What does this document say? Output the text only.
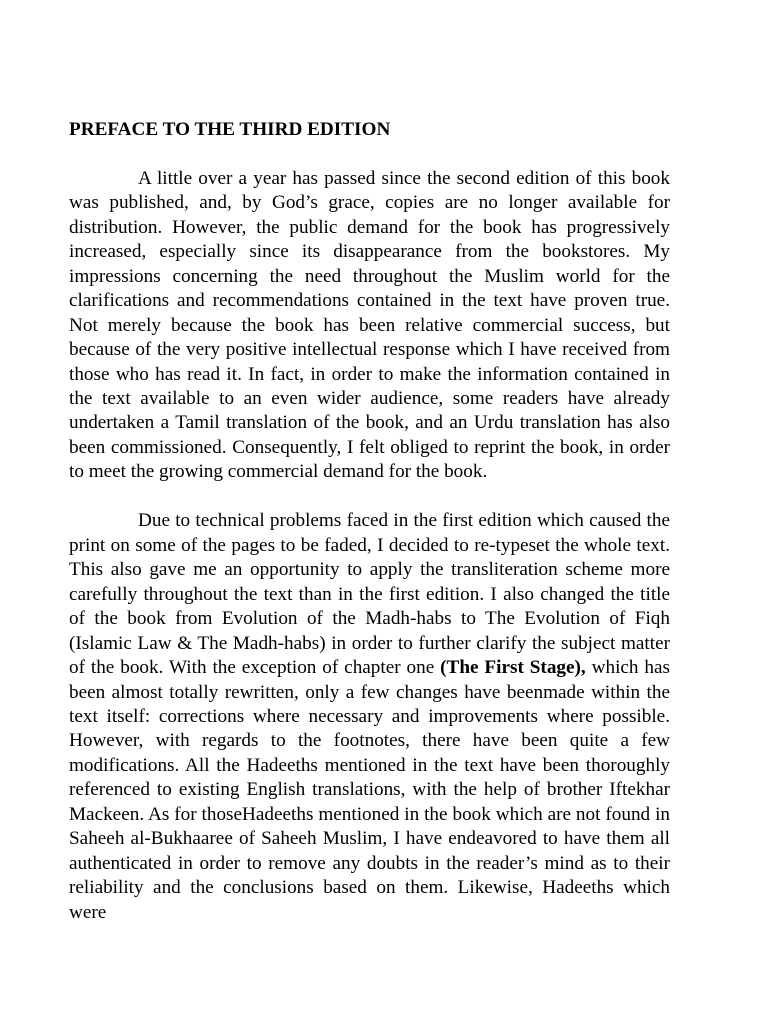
PREFACE TO THE THIRD EDITION

A little over a year has passed since the second edition of this book was published, and, by God’s grace, copies are no longer available for distribution. However, the public demand for the book has progressively increased, especially since its disappearance from the bookstores. My impressions concerning the need throughout the Muslim world for the clarifications and recommendations contained in the text have proven true. Not merely because the book has been relative commercial success, but because of the very positive intellectual response which I have received from those who has read it. In fact, in order to make the information contained in the text available to an even wider audience, some readers have already undertaken a Tamil translation of the book, and an Urdu translation has also been commissioned. Consequently, I felt obliged to reprint the book, in order to meet the growing commercial demand for the book.

Due to technical problems faced in the first edition which caused the print on some of the pages to be faded, I decided to re-typeset the whole text. This also gave me an opportunity to apply the transliteration scheme more carefully throughout the text than in the first edition. I also changed the title of the book from Evolution of the Madh-habs to The Evolution of Fiqh (Islamic Law & The Madh-habs) in order to further clarify the subject matter of the book. With the exception of chapter one (The First Stage), which has been almost totally rewritten, only a few changes have beenmade within the text itself: corrections where necessary and improvements where possible. However, with regards to the footnotes, there have been quite a few modifications. All the Hadeeths mentioned in the text have been thoroughly referenced to existing English translations, with the help of brother Iftekhar Mackeen. As for thoseHadeeths mentioned in the book which are not found in Saheeh al-Bukhaaree of Saheeh Muslim, I have endeavored to have them all authenticated in order to remove any doubts in the reader’s mind as to their reliability and the conclusions based on them. Likewise, Hadeeths which were
